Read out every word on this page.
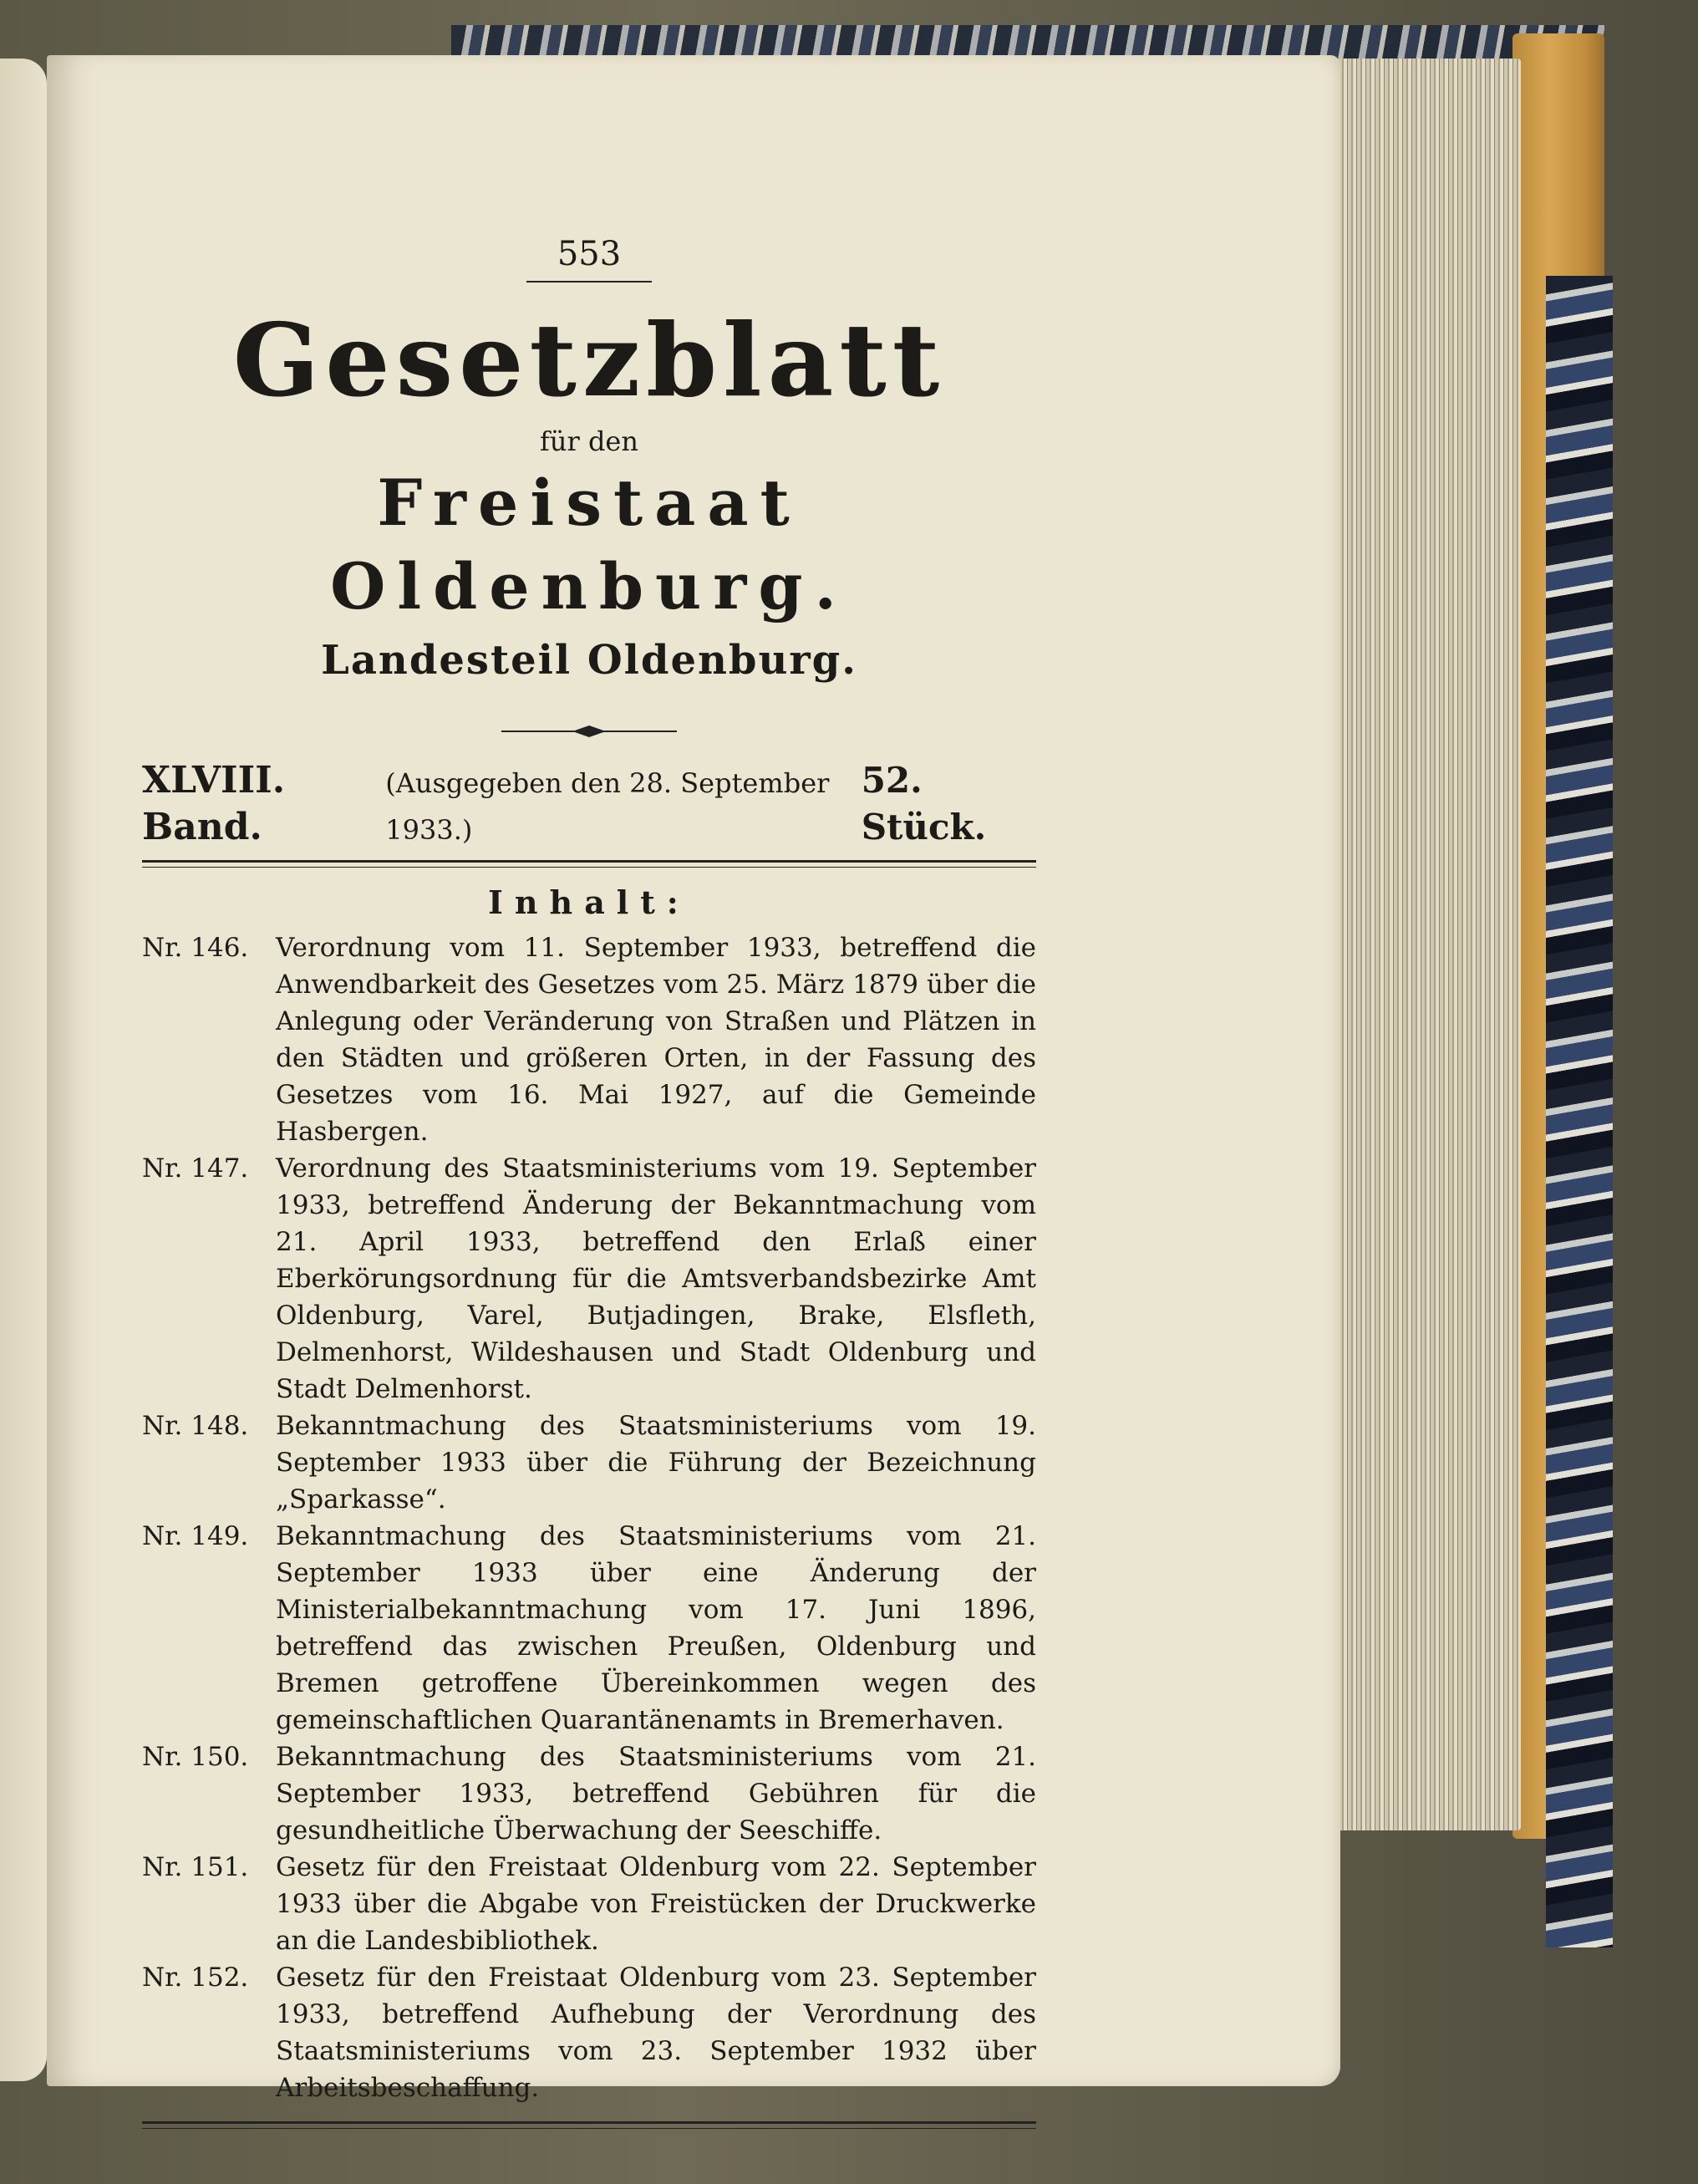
553

Gesetzblatt

für den

Freistaat Oldenburg.

Landesteil Oldenburg.

XLVIII. Band.
(Ausgegeben den 28. September 1933.)
52. Stück.
Inhalt:
Nr. 146.	Verordnung vom 11. September 1933, betreffend die Anwendbarkeit des Gesetzes vom 25. März 1879 über die Anlegung oder Veränderung von Straßen und Plätzen in den Städten und größeren Orten, in der Fassung des Gesetzes vom 16. Mai 1927, auf die Gemeinde Hasbergen.
Nr. 147.	Verordnung des Staatsministeriums vom 19. September 1933, betreffend Änderung der Bekanntmachung vom 21. April 1933, betreffend den Erlaß einer Eberkörungsordnung für die Amtsverbandsbezirke Amt Oldenburg, Varel, Butjadingen, Brake, Elsfleth, Delmenhorst, Wildeshausen und Stadt Oldenburg und Stadt Delmenhorst.
Nr. 148.	Bekanntmachung des Staatsministeriums vom 19. September 1933 über die Führung der Bezeichnung „Sparkasse“.
Nr. 149.	Bekanntmachung des Staatsministeriums vom 21. September 1933 über eine Änderung der Ministerialbekanntmachung vom 17. Juni 1896, betreffend das zwischen Preußen, Oldenburg und Bremen getroffene Übereinkommen wegen des gemeinschaftlichen Quarantänenamts in Bremerhaven.
Nr. 150.	Bekanntmachung des Staatsministeriums vom 21. September 1933, betreffend Gebühren für die gesundheitliche Überwachung der Seeschiffe.
Nr. 151.	Gesetz für den Freistaat Oldenburg vom 22. September 1933 über die Abgabe von Freistücken der Druckwerke an die Landesbibliothek.
Nr. 152.	Gesetz für den Freistaat Oldenburg vom 23. September 1933, betreffend Aufhebung der Verordnung des Staatsministeriums vom 23. September 1932 über Arbeitsbeschaffung.
